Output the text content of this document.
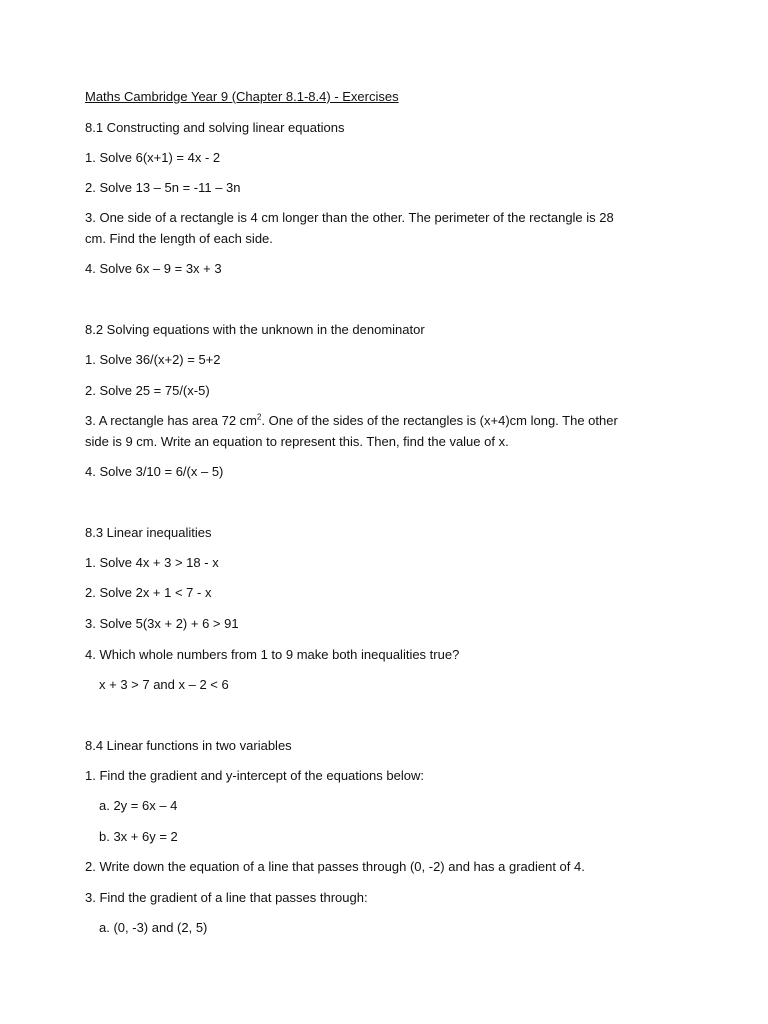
Maths Cambridge Year 9 (Chapter 8.1-8.4) - Exercises
8.1 Constructing and solving linear equations
1. Solve 6(x+1) = 4x - 2
2. Solve 13 – 5n = -11 – 3n
3. One side of a rectangle is 4 cm longer than the other. The perimeter of the rectangle is 28 cm. Find the length of each side.
4. Solve 6x – 9 = 3x + 3
8.2 Solving equations with the unknown in the denominator
1. Solve 36/(x+2) = 5+2
2. Solve 25 = 75/(x-5)
3. A rectangle has area 72 $cm^2$. One of the sides of the rectangles is (x+4)cm long. The other side is 9 cm. Write an equation to represent this. Then, find the value of x.
4. Solve 3/10 = 6/(x – 5)
8.3 Linear inequalities
1. Solve 4x + 3 > 18 - x
2. Solve 2x + 1 < 7 - x
3. Solve 5(3x + 2) + 6 > 91
4. Which whole numbers from 1 to 9 make both inequalities true?
x + 3 > 7 and x – 2 < 6
8.4 Linear functions in two variables
1. Find the gradient and y-intercept of the equations below:
a. 2y = 6x – 4
b. 3x + 6y = 2
2. Write down the equation of a line that passes through (0, -2) and has a gradient of 4.
3. Find the gradient of a line that passes through:
a. (0, -3) and (2, 5)
